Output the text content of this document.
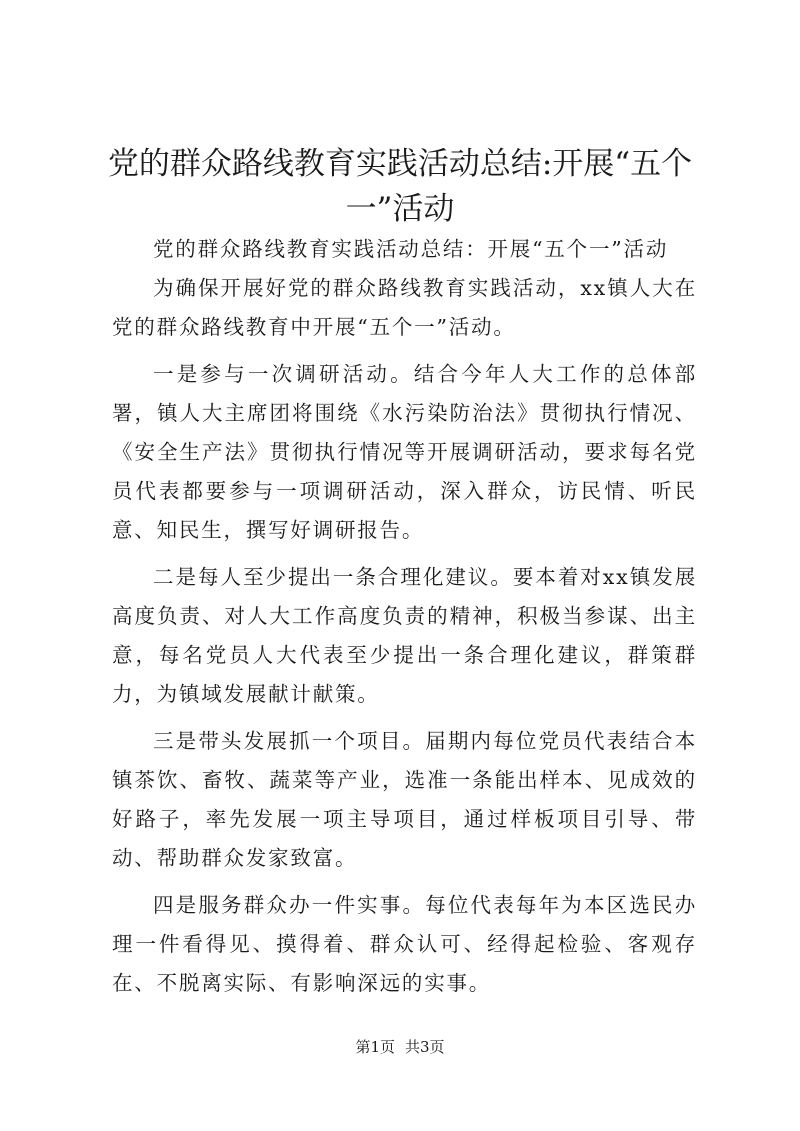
党的群众路线教育实践活动总结:开展“五个一”活动

党的群众路线教育实践活动总结：开展“五个一”活动

为确保开展好党的群众路线教育实践活动，xx镇人大在党的群众路线教育中开展“五个一”活动。

一是参与一次调研活动。结合今年人大工作的总体部署，镇人大主席团将围绕《水污染防治法》贯彻执行情况、《安全生产法》贯彻执行情况等开展调研活动，要求每名党员代表都要参与一项调研活动，深入群众，访民情、听民意、知民生，撰写好调研报告。

二是每人至少提出一条合理化建议。要本着对xx镇发展高度负责、对人大工作高度负责的精神，积极当参谋、出主意，每名党员人大代表至少提出一条合理化建议，群策群力，为镇域发展献计献策。

三是带头发展抓一个项目。届期内每位党员代表结合本镇茶饮、畜牧、蔬菜等产业，选准一条能出样本、见成效的好路子，率先发展一项主导项目，通过样板项目引导、带动、帮助群众发家致富。

四是服务群众办一件实事。每位代表每年为本区选民办理一件看得见、摸得着、群众认可、经得起检验、客观存在、不脱离实际、有影响深远的实事。

第1页 共3页
